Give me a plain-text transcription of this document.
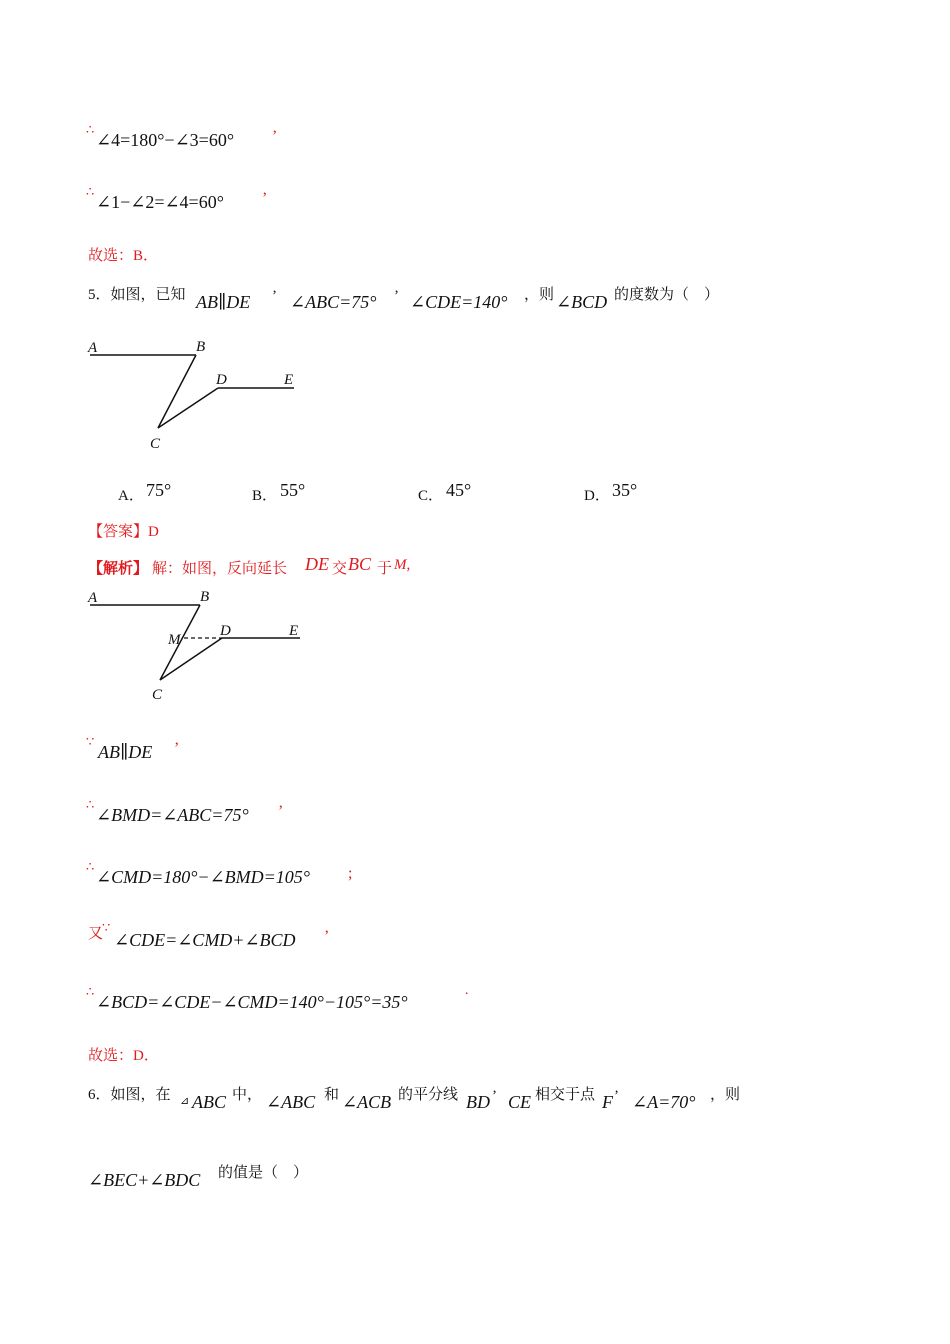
∴
∠4=180°−∠3=60° ’
∴
∠1−∠2=∠4=60° ’
故选：B．
5．如图，已知 AB∥DE ’ ∠ABC=75° ’ ∠CDE=140° ，则 ∠BCD 的度数为（　）
A	B
D	E
C
A． 75°	B． 55°	C． 45°	D． 35°
【答案】D
【解析】 解：如图，反向延长 DE 交 BC 于 M,
A	B
M
D	E
C
∵
AB∥DE ’
∴
∠BMD=∠ABC=75° ’
∴
∠CMD=180°−∠BMD=105° ;
又
∵
∠CDE=∠CMD+∠BCD ’
∴
∠BCD=∠CDE−∠CMD=140°−105°=35°	˙
故选：D．
6．如图，在 ⊿ ABC 中， ∠ABC 和 ∠ACB 的平分线 BD ’ CE 相交于点 F ’ ∠A=70° ，则
∠BEC+∠BDC 的值是（　）
